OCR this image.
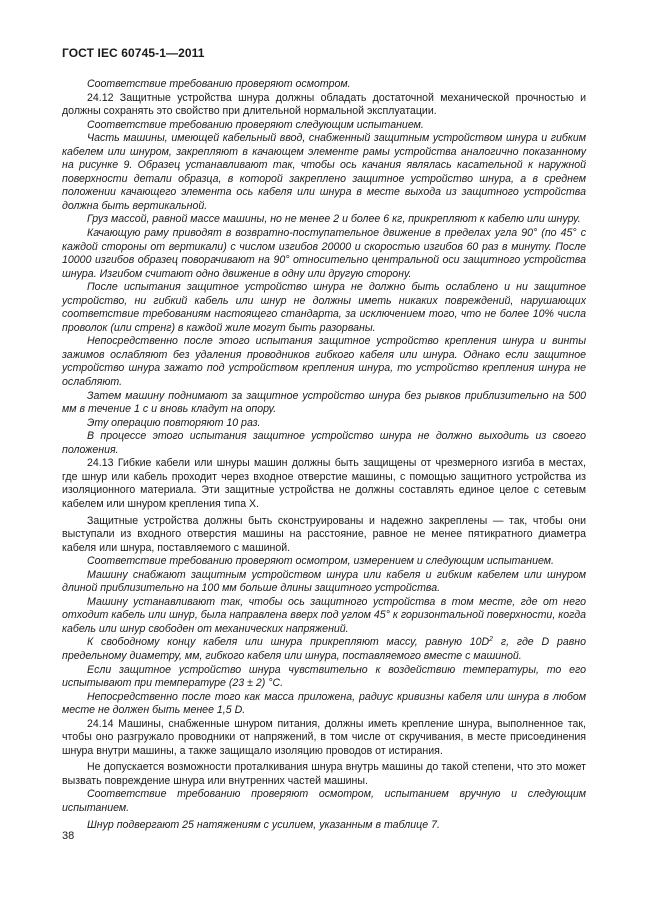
ГОСТ IEC 60745-1—2011

Соответствие требованию проверяют осмотром.

24.12 Защитные устройства шнура должны обладать достаточной механической прочностью и должны сохранять это свойство при длительной нормальной эксплуатации.

Соответствие требованию проверяют следующим испытанием.

Часть машины, имеющей кабельный ввод, снабженный защитным устройством шнура и гибким кабелем или шнуром, закрепляют в качающем элементе рамы устройства аналогично показанному на рисунке 9. Образец устанавливают так, чтобы ось качания являлась касательной к наружной поверхности детали образца, в которой закреплено защитное устройство шнура, а в среднем положении качающего элемента ось кабеля или шнура в месте выхода из защитного устройства должна быть вертикальной.

Груз массой, равной массе машины, но не менее 2 и более 6 кг, прикрепляют к кабелю или шнуру.

Качающую раму приводят в возвратно-поступательное движение в пределах угла 90° (по 45° с каждой стороны от вертикали) с числом изгибов 20000 и скоростью изгибов 60 раз в минуту. После 10000 изгибов образец поворачивают на 90° относительно центральной оси защитного устройства шнура. Изгибом считают одно движение в одну или другую сторону.

После испытания защитное устройство шнура не должно быть ослаблено и ни защитное устройство, ни гибкий кабель или шнур не должны иметь никаких повреждений, нарушающих соответствие требованиям настоящего стандарта, за исключением того, что не более 10% числа проволок (или стренг) в каждой жиле могут быть разорваны.

Непосредственно после этого испытания защитное устройство крепления шнура и винты зажимов ослабляют без удаления проводников гибкого кабеля или шнура. Однако если защитное устройство шнура зажато под устройством крепления шнура, то устройство крепления шнура не ослабляют.

Затем машину поднимают за защитное устройство шнура без рывков приблизительно на 500 мм в течение 1 с и вновь кладут на опору.

Эту операцию повторяют 10 раз.

В процессе этого испытания защитное устройство шнура не должно выходить из своего положения.

24.13 Гибкие кабели или шнуры машин должны быть защищены от чрезмерного изгиба в местах, где шнур или кабель проходит через входное отверстие машины, с помощью защитного устройства из изоляционного материала. Эти защитные устройства не должны составлять единое целое с сетевым кабелем или шнуром крепления типа X.

Защитные устройства должны быть сконструированы и надежно закреплены — так, чтобы они выступали из входного отверстия машины на расстояние, равное не менее пятикратного диаметра кабеля или шнура, поставляемого с машиной.

Соответствие требованию проверяют осмотром, измерением и следующим испытанием.

Машину снабжают защитным устройством шнура или кабеля и гибким кабелем или шнуром длиной приблизительно на 100 мм больше длины защитного устройства.

Машину устанавливают так, чтобы ось защитного устройства в том месте, где от него отходит кабель или шнур, была направлена вверх под углом 45° к горизонтальной поверхности, когда кабель или шнур свободен от механических напряжений.

К свободному концу кабеля или шнура прикрепляют массу, равную $10D^2$ г, где D равно предельному диаметру, мм, гибкого кабеля или шнура, поставляемого вместе с машиной.

Если защитное устройство шнура чувствительно к воздействию температуры, то его испытывают при температуре (23 ± 2) °С.

Непосредственно после того как масса приложена, радиус кривизны кабеля или шнура в любом месте не должен быть менее 1,5 D.

24.14 Машины, снабженные шнуром питания, должны иметь крепление шнура, выполненное так, чтобы оно разгружало проводники от напряжений, в том числе от скручивания, в месте присоединения шнура внутри машины, а также защищало изоляцию проводов от истирания.

Не допускается возможности проталкивания шнура внутрь машины до такой степени, что это может вызвать повреждение шнура или внутренних частей машины.

Соответствие требованию проверяют осмотром, испытанием вручную и следующим испытанием.

Шнур подвергают 25 натяжениям с усилием, указанным в таблице 7.

38
